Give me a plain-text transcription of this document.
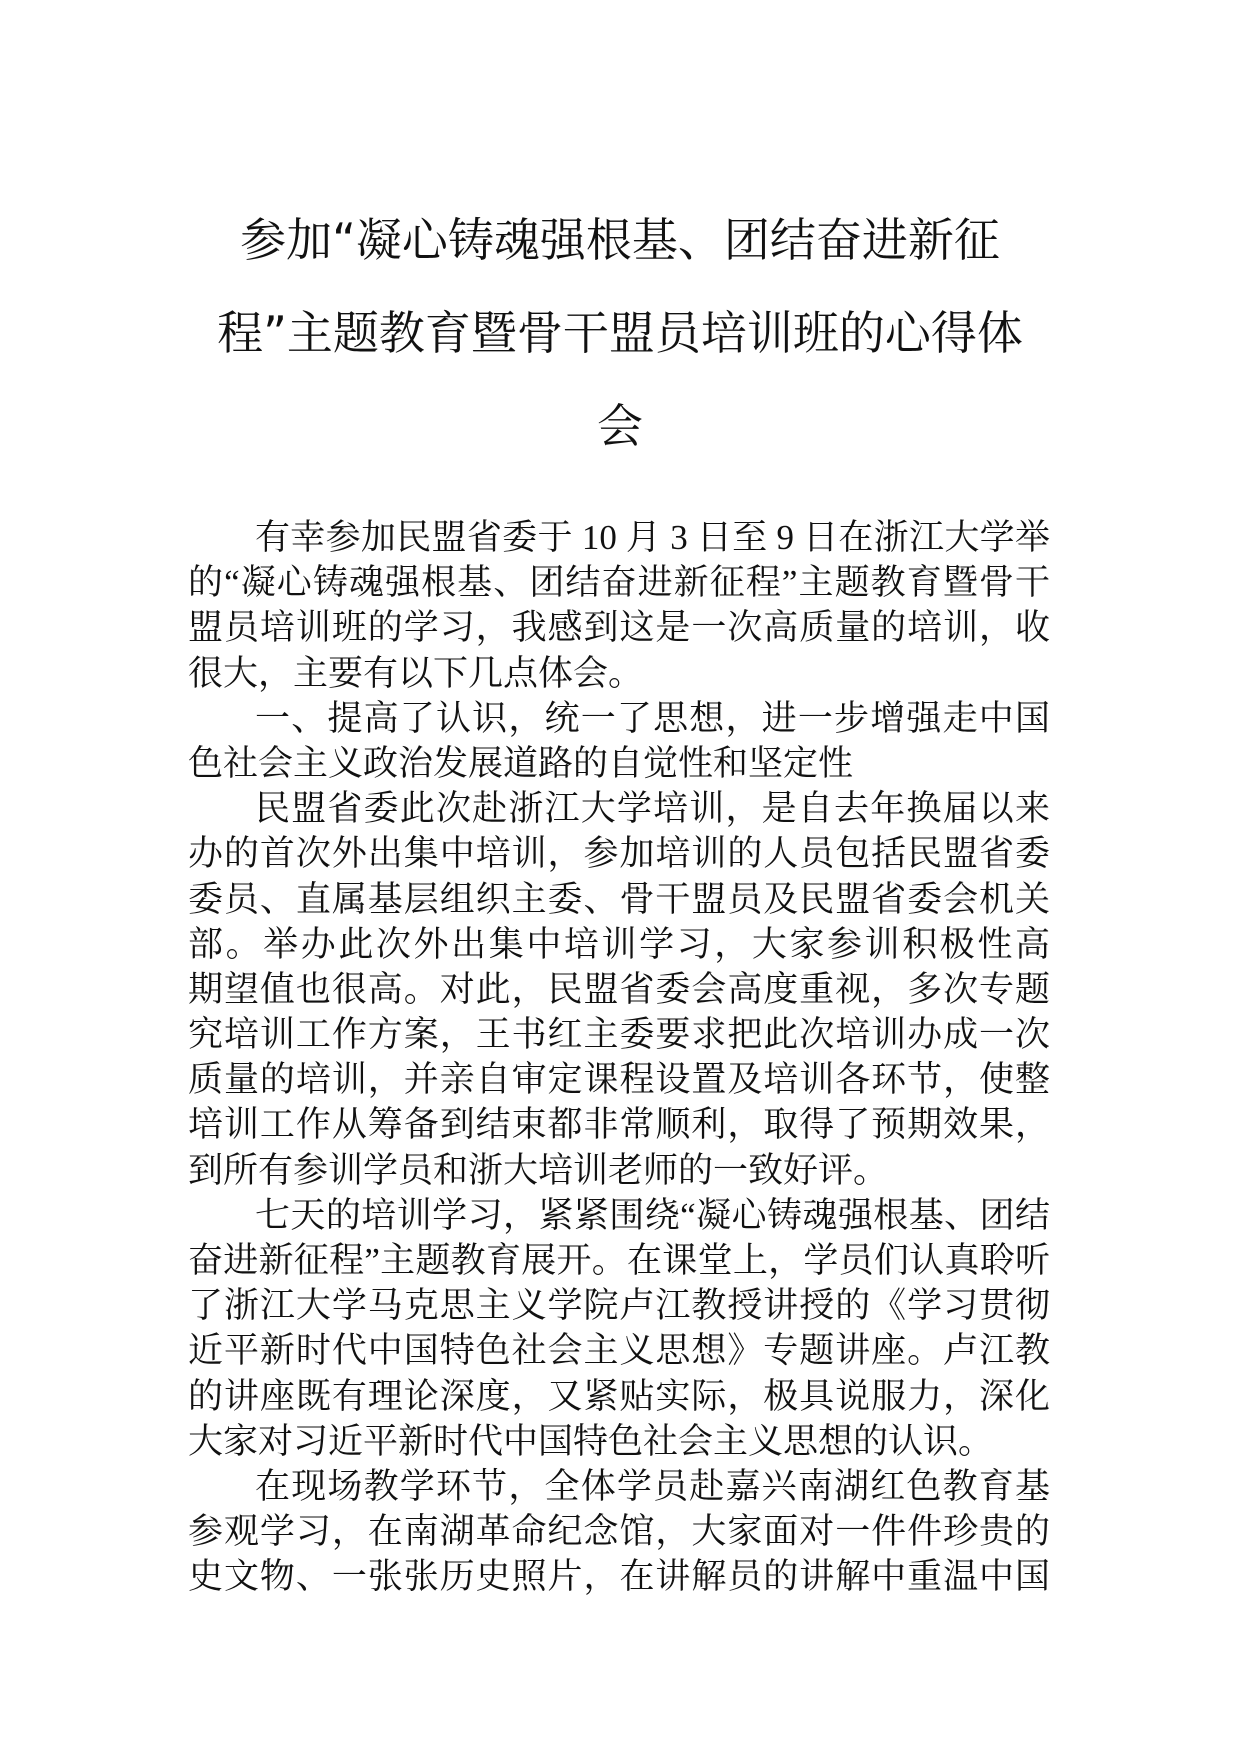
参加“凝心铸魂强根基、团结奋进新征
程”主题教育暨骨干盟员培训班的心得体
会
有幸参加民盟省委于 10 月 3 日至 9 日在浙江大学举
的“凝心铸魂强根基、团结奋进新征程”主题教育暨骨干
盟员培训班的学习，我感到这是一次高质量的培训，收
很大，主要有以下几点体会。
一、提高了认识，统一了思想，进一步增强走中国
色社会主义政治发展道路的自觉性和坚定性
民盟省委此次赴浙江大学培训，是自去年换届以来
办的首次外出集中培训，参加培训的人员包括民盟省委
委员、直属基层组织主委、骨干盟员及民盟省委会机关
部。举办此次外出集中培训学习，大家参训积极性高
期望值也很高。对此，民盟省委会高度重视，多次专题
究培训工作方案，王书红主委要求把此次培训办成一次
质量的培训，并亲自审定课程设置及培训各环节，使整
培训工作从筹备到结束都非常顺利，取得了预期效果，
到所有参训学员和浙大培训老师的一致好评。
七天的培训学习，紧紧围绕“凝心铸魂强根基、团结
奋进新征程”主题教育展开。在课堂上，学员们认真聆听
了浙江大学马克思主义学院卢江教授讲授的《学习贯彻
近平新时代中国特色社会主义思想》专题讲座。卢江教
的讲座既有理论深度，又紧贴实际，极具说服力，深化
大家对习近平新时代中国特色社会主义思想的认识。
在现场教学环节，全体学员赴嘉兴南湖红色教育基
参观学习，在南湖革命纪念馆，大家面对一件件珍贵的
史文物、一张张历史照片，在讲解员的讲解中重温中国
